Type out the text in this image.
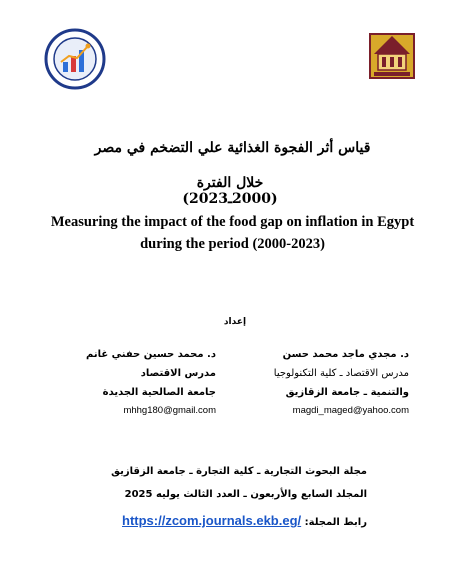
قياس أثر الفجوة الغذائية علي التضخم في مصر
خلال الفترة (2000ـ2023)
Measuring the impact of the food gap on inflation in Egypt
during the period (2000-2023)
إعداد
د. مجدي ماجد محمد حسن
مدرس الاقتصاد ـ كلية التكنولوجيا
والتنمية ـ جامعة الزقازيق
magdi_maged@yahoo.com
د. محمد حسين حفني غانم
مدرس الاقتصاد
جامعة الصالحية الجديدة
mhhg180@gmail.com
مجلة البحوث التجارية ـ كلية التجارة ـ جامعة الزقازيق
المجلد السابع والأربعون ـ العدد الثالث يوليه 2025
رابط المجلة: https://zcom.journals.ekb.eg/
